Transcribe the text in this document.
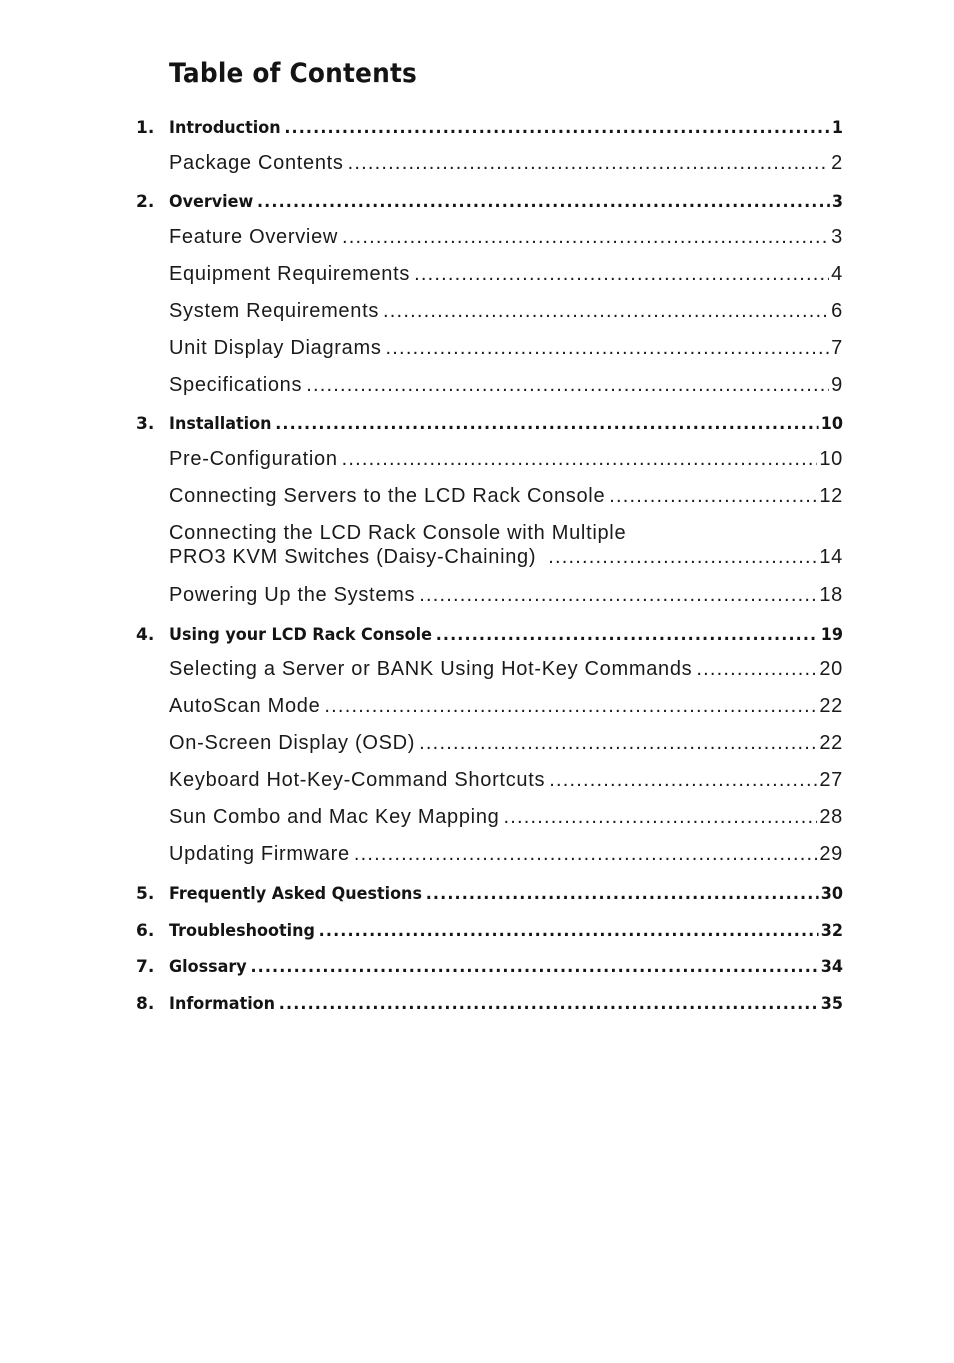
Table of Contents
1. Introduction .....	1
Package Contents .....	2
2. Overview .....	3
Feature Overview .....	3
Equipment Requirements .....	4
System Requirements .....	6
Unit Display Diagrams .....	7
Specifications .....	9
3. Installation .....	10
Pre-Configuration .....	10
Connecting Servers to the LCD Rack Console .....	12
Connecting the LCD Rack Console with Multiple
PRO3 KVM Switches (Daisy-Chaining) .....	14
Powering Up the Systems .....	18
4. Using your LCD Rack Console .....	19
Selecting a Server or BANK Using Hot-Key Commands .....	20
AutoScan Mode .....	22
On-Screen Display (OSD) .....	22
Keyboard Hot-Key-Command Shortcuts .....	27
Sun Combo and Mac Key Mapping .....	28
Updating Firmware .....	29
5. Frequently Asked Questions .....	30
6. Troubleshooting .....	32
7. Glossary .....	34
8. Information .....	35
